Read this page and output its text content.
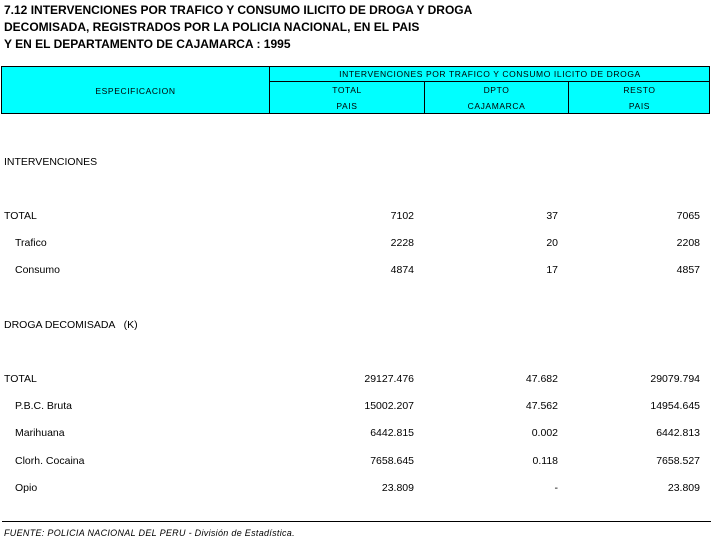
7.12 INTERVENCIONES POR TRAFICO Y CONSUMO ILICITO DE DROGA Y DROGA
DECOMISADA, REGISTRADOS POR LA POLICIA NACIONAL, EN EL PAIS
Y EN EL DEPARTAMENTO DE CAJAMARCA : 1995
ESPECIFICACION
INTERVENCIONES POR TRAFICO Y CONSUMO ILICITO DE DROGA
TOTAL
PAIS
DPTO
CAJAMARCA
RESTO
PAIS
INTERVENCIONES
TOTAL	7102	37	7065
Trafico	2228	20	2208
Consumo	4874	17	4857
DROGA DECOMISADA   (K)
TOTAL	29127.476	47.682	29079.794
P.B.C. Bruta	15002.207	47.562	14954.645
Marihuana	6442.815	0.002	6442.813
Clorh. Cocaina	7658.645	0.118	7658.527
Opio	23.809	-	23.809
FUENTE: POLICIA NACIONAL DEL PERU - División de Estadística.
